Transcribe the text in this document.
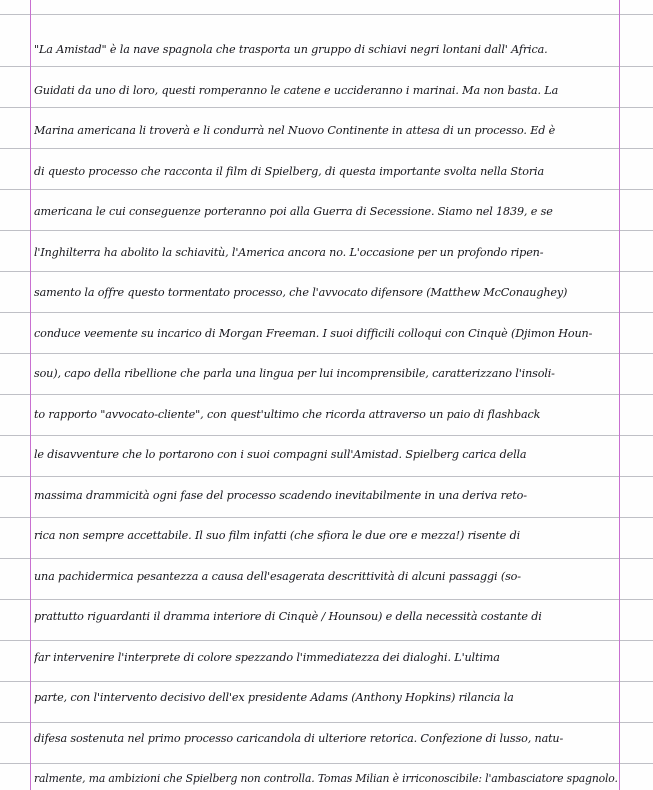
"La Amistad" è la nave spagnola che trasporta un gruppo di schiavi negri lontani dall' Africa.
Guidati da uno di loro, questi romperanno le catene e uccideranno i marinai. Ma non basta. La
Marina americana li troverà e li condurrà nel Nuovo Continente in attesa di un processo. Ed è
di questo processo che racconta il film di Spielberg, di questa importante svolta nella Storia
americana le cui conseguenze porteranno poi alla Guerra di Secessione. Siamo nel 1839, e se
l'Inghilterra ha abolito la schiavitù, l'America ancora no. L'occasione per un profondo ripen-
samento la offre questo tormentato processo, che l'avvocato difensore (Matthew McConaughey)
conduce veemente su incarico di Morgan Freeman. I suoi difficili colloqui con Cinquè (Djimon Houn-
sou), capo della ribellione che parla una lingua per lui incomprensibile, caratterizzano l'insoli-
to rapporto "avvocato-cliente", con quest'ultimo che ricorda attraverso un paio di flashback
le disavventure che lo portarono con i suoi compagni sull'Amistad. Spielberg carica della
massima drammicità ogni fase del processo scadendo inevitabilmente in una deriva reto-
rica non sempre accettabile. Il suo film infatti (che sfiora le due ore e mezza!) risente di
una pachidermica pesantezza a causa dell'esagerata descrittività di alcuni passaggi (so-
prattutto riguardanti il dramma interiore di Cinquè / Hounsou) e della necessità costante di
far intervenire l'interprete di colore spezzando l'immediatezza dei dialoghi. L'ultima
parte, con l'intervento decisivo dell'ex presidente Adams (Anthony Hopkins) rilancia la
difesa sostenuta nel primo processo caricandola di ulteriore retorica. Confezione di lusso, natu-
ralmente, ma ambizioni che Spielberg non controlla. Tomas Milian è irriconoscibile: l'ambasciatore spagnolo.
